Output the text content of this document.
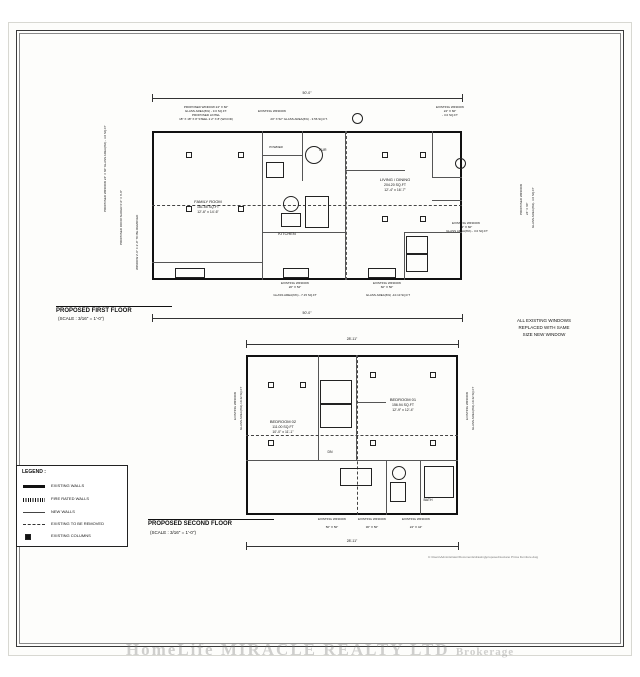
FAMILY ROOM
181.55 SQ.FT
12'-6" x 14'-6"
KITCHEN
LIVING / DINING
204.20 SQ.FT
12'-4" x 16'-7"
FUR
POWDER
PROPOSED WINDOW 24" X 60"
GLASS AREA(6%) - 3.0 SQ.FT.
PROPOSED LINTEL
18" X 18" X 8' STEEL 2 2" X 8' (W/COD)
EXISTING WINDOW
20" X 52" GLASS AREA(6%) - 3.56 SQ.FT.
EXISTING WINDOW
24" X 60"
- 3.0 SQ.FT
EXISTING WINDOW
24" X 60"
GLASS AREA(6%) - 3.0 SQ.FT
EXISTING WINDOW
20" X 52"
GLASS AREA(6%) - 7.15 SQ.FT
EXISTING WINDOW
60" X 50"
GLASS AREA(6%) -10.13 SQ.FT
PROPOSED WINDOW 24" X 60" GLASS AREA(6%) - 3.0 SQ.FT
PROPOSED DOOR SLIDER 6'-0" X 6'-8"	WINDOW 2'-0" X 2'-0" TO BE REMOVED
PROPOSED WINDOW 24" X 60" GLASS AREA(6%)- 3.0 SQ.FT
50'-0"
50'-0"
PROPOSED FIRST FLOOR
(SCALE : 3/16" = 1'-0")	ALL EXISTING WINDOWS
REPLACED WITH SAME
SIZE NEW WINDOW
BEDROOM 02
111.00 SQ.FT
10'-0" x 11'-1"
BEDROOM 01
156.94 SQ.FT
12'-9" x 12'-4"
BATH
DN
EXISTING WINDOW
50" X 50"
EXISTING WINDOW
30" X 50"
EXISTING WINDOW
24" X 44"
EXISTING WINDOW GLASS AREA(6%)-10.42 SQ.FT	EXISTING WINDOW GLASS AREA(6%)-10.42 SQ.FT
28'-11"
28'-11"
PROPOSED SECOND FLOOR
(SCALE : 3/16" = 1'-0")
LEGEND :
EXISTING WALLS
FIRE RATED WALLS
NEW WALLS
EXISTING TO BE REMOVED
EXISTING COLUMNS
C:\Users\Administrator\Documents\drawing\proposed\Luciano Prima Furniture.dwg
HomeLife MIRACLE REALTY LTD Brokerage
